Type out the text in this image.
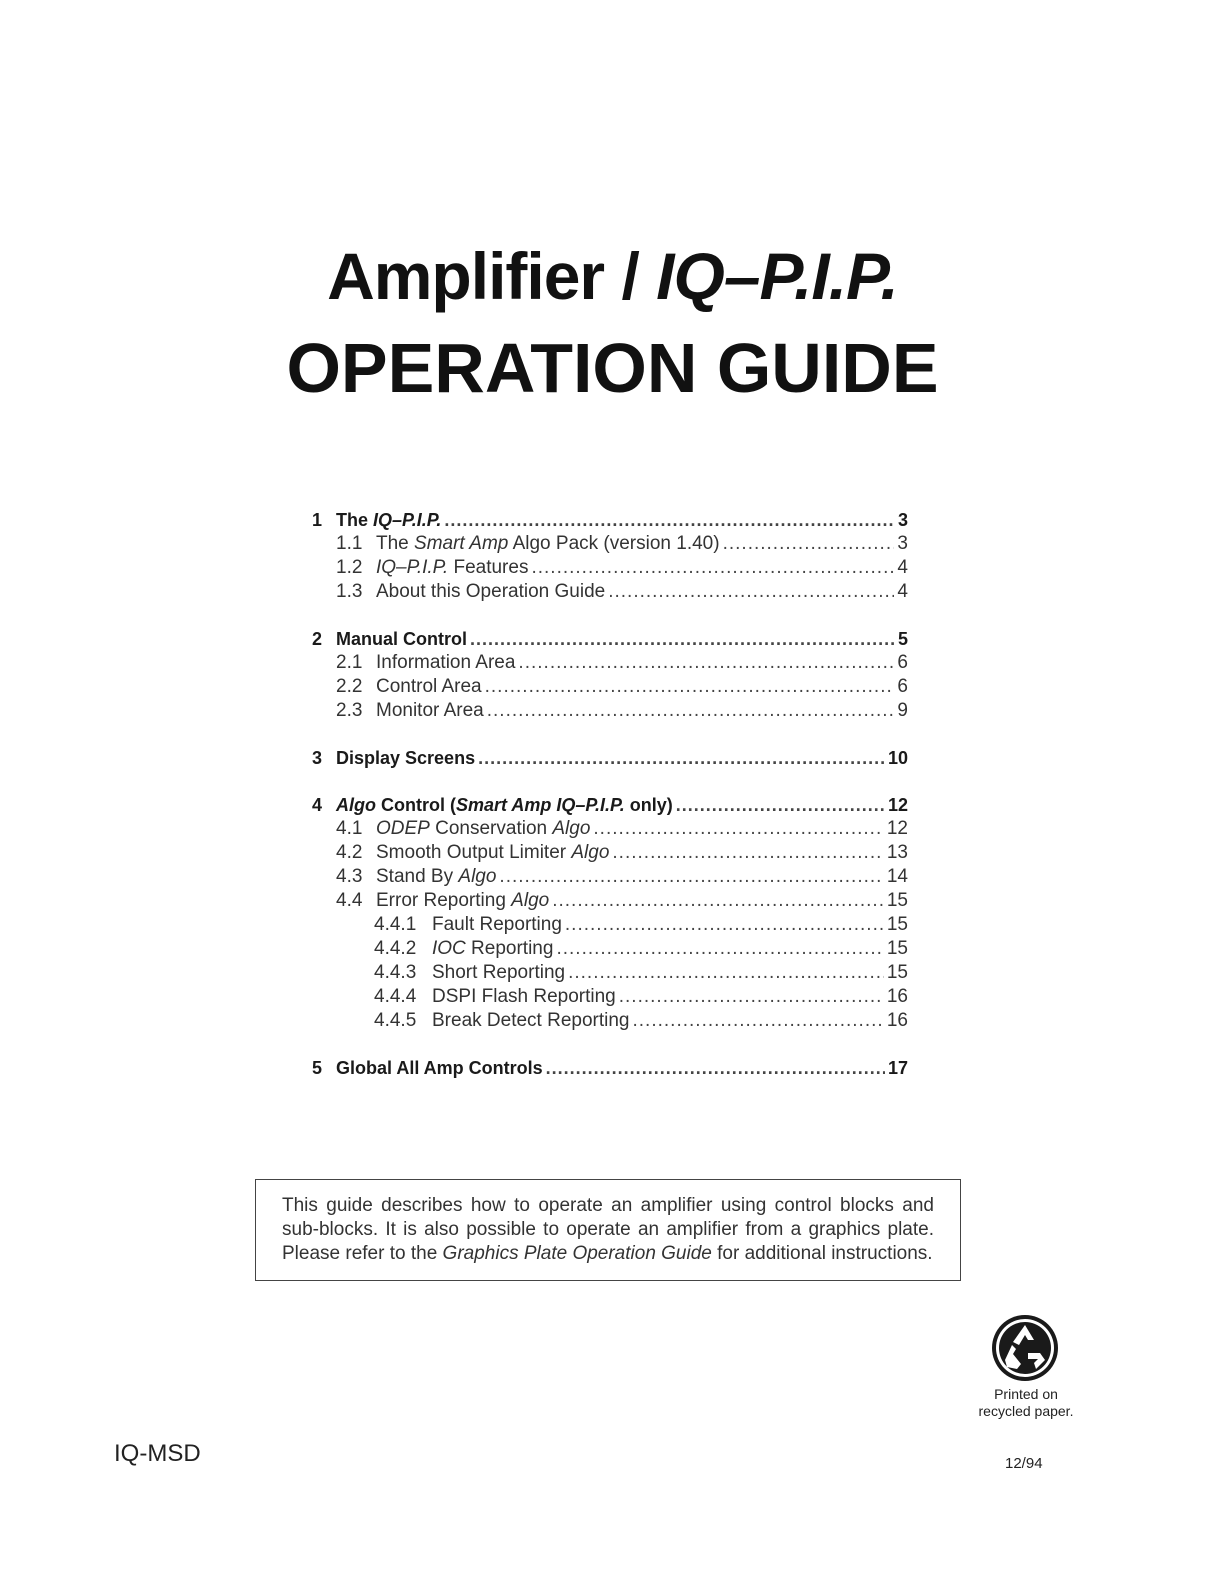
Amplifier / IQ–P.I.P.
OPERATION GUIDE
1 The IQ–P.I.P. .....	3
1.1 The Smart Amp Algo Pack (version 1.40) .....	3
1.2 IQ–P.I.P. Features .....	4
1.3 About this Operation Guide .....	4
2 Manual Control .....	5
2.1 Information Area .....	6
2.2 Control Area .....	6
2.3 Monitor Area .....	9
3 Display Screens .....	10
4 Algo Control (Smart Amp IQ–P.I.P. only) .....	12
4.1 ODEP Conservation Algo .....	12
4.2 Smooth Output Limiter Algo .....	13
4.3 Stand By Algo .....	14
4.4 Error Reporting Algo .....	15
4.4.1 Fault Reporting .....	15
4.4.2 IOC Reporting .....	15
4.4.3 Short Reporting .....	15
4.4.4 DSPI Flash Reporting .....	16
4.4.5 Break Detect Reporting .....	16
5 Global All Amp Controls .....	17
This guide describes how to operate an amplifier using control blocks and sub-blocks. It is also possible to operate an amplifier from a graphics plate. Please refer to the Graphics Plate Operation Guide for additional instructions.
Printed on
recycled paper.
IQ-MSD	12/94
